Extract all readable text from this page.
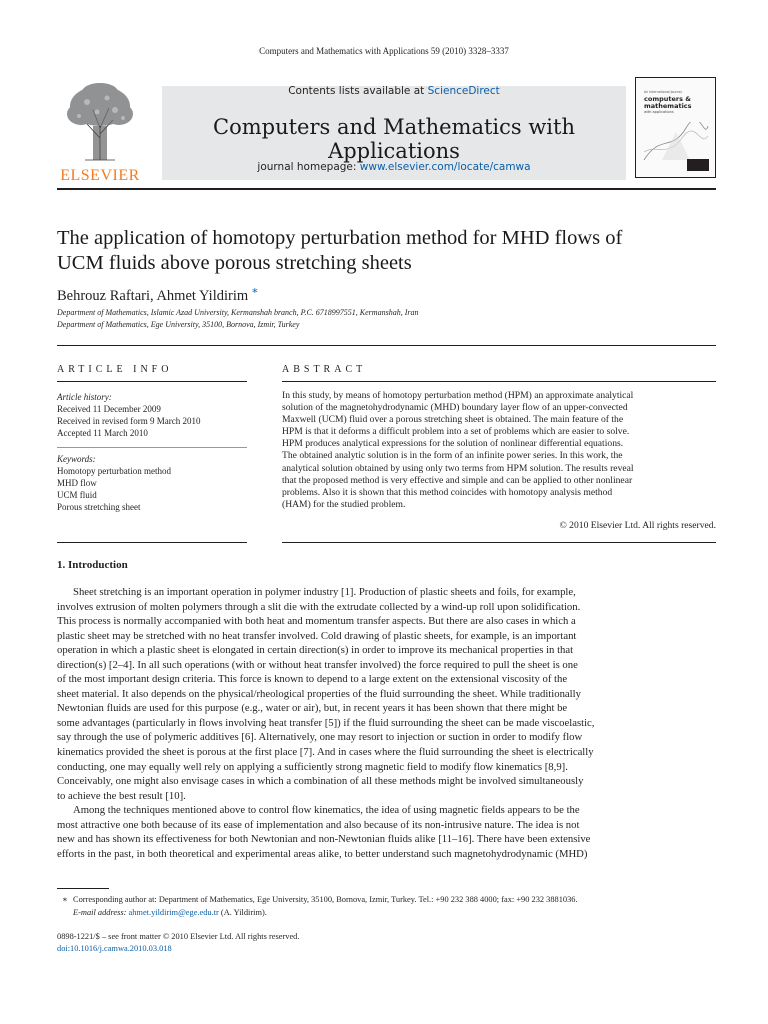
Computers and Mathematics with Applications 59 (2010) 3328–3337
ELSEVIER
Contents lists available at ScienceDirect
Computers and Mathematics with Applications
journal homepage: www.elsevier.com/locate/camwa
An International Journal
computers &
mathematics
with applications
The application of homotopy perturbation method for MHD flows of
UCM fluids above porous stretching sheets
Behrouz Raftari, Ahmet Yildirim ∗
Department of Mathematics, Islamic Azad University, Kermanshah branch, P.C. 6718997551, Kermanshah, Iran
Department of Mathematics, Ege University, 35100, Bornova, Izmir, Turkey
ARTICLE INFO
Article history:
Received 11 December 2009
Received in revised form 9 March 2010
Accepted 11 March 2010
Keywords:
Homotopy perturbation method
MHD flow
UCM fluid
Porous stretching sheet
ABSTRACT
In this study, by means of homotopy perturbation method (HPM) an approximate analytical
solution of the magnetohydrodynamic (MHD) boundary layer flow of an upper-convected
Maxwell (UCM) fluid over a porous stretching sheet is obtained. The main feature of the
HPM is that it deforms a difficult problem into a set of problems which are easier to solve.
HPM produces analytical expressions for the solution of nonlinear differential equations.
The obtained analytic solution is in the form of an infinite power series. In this work, the
analytical solution obtained by using only two terms from HPM solution. The results reveal
that the proposed method is very effective and simple and can be applied to other nonlinear
problems. Also it is shown that this method coincides with homotopy analysis method
(HAM) for the studied problem.
© 2010 Elsevier Ltd. All rights reserved.
1. Introduction
Sheet stretching is an important operation in polymer industry [1]. Production of plastic sheets and foils, for example,
involves extrusion of molten polymers through a slit die with the extrudate collected by a wind-up roll upon solidification.
This process is normally accompanied with both heat and momentum transfer aspects. But there are also cases in which a
plastic sheet may be stretched with no heat transfer involved. Cold drawing of plastic sheets, for example, is an important
operation in which a plastic sheet is elongated in certain direction(s) in order to improve its mechanical properties in that
direction(s) [2–4]. In all such operations (with or without heat transfer involved) the force required to pull the sheet is one
of the most important design criteria. This force is known to depend to a large extent on the extensional viscosity of the
sheet material. It also depends on the physical/rheological properties of the fluid surrounding the sheet. While traditionally
Newtonian fluids are used for this purpose (e.g., water or air), but, in recent years it has been shown that there might be
some advantages (particularly in flows involving heat transfer [5]) if the fluid surrounding the sheet can be made viscoelastic,
say through the use of polymeric additives [6]. Alternatively, one may resort to injection or suction in order to modify flow
kinematics provided the sheet is porous at the first place [7]. And in cases where the fluid surrounding the sheet is electrically
conducting, one may equally well rely on applying a sufficiently strong magnetic field to modify flow kinematics [8,9].
Conceivably, one might also envisage cases in which a combination of all these methods might be involved simultaneously
to achieve the best result [10].
Among the techniques mentioned above to control flow kinematics, the idea of using magnetic fields appears to be the
most attractive one both because of its ease of implementation and also because of its non-intrusive nature. The idea is not
new and has shown its effectiveness for both Newtonian and non-Newtonian fluids alike [11–16]. There have been extensive
efforts in the past, in both theoretical and experimental areas alike, to better understand such magnetohydrodynamic (MHD)
∗ Corresponding author at: Department of Mathematics, Ege University, 35100, Bornova, Izmir, Turkey. Tel.: +90 232 388 4000; fax: +90 232 3881036.
E-mail address: ahmet.yildirim@ege.edu.tr (A. Yildirim).
0898-1221/$ – see front matter © 2010 Elsevier Ltd. All rights reserved.
doi:10.1016/j.camwa.2010.03.018
